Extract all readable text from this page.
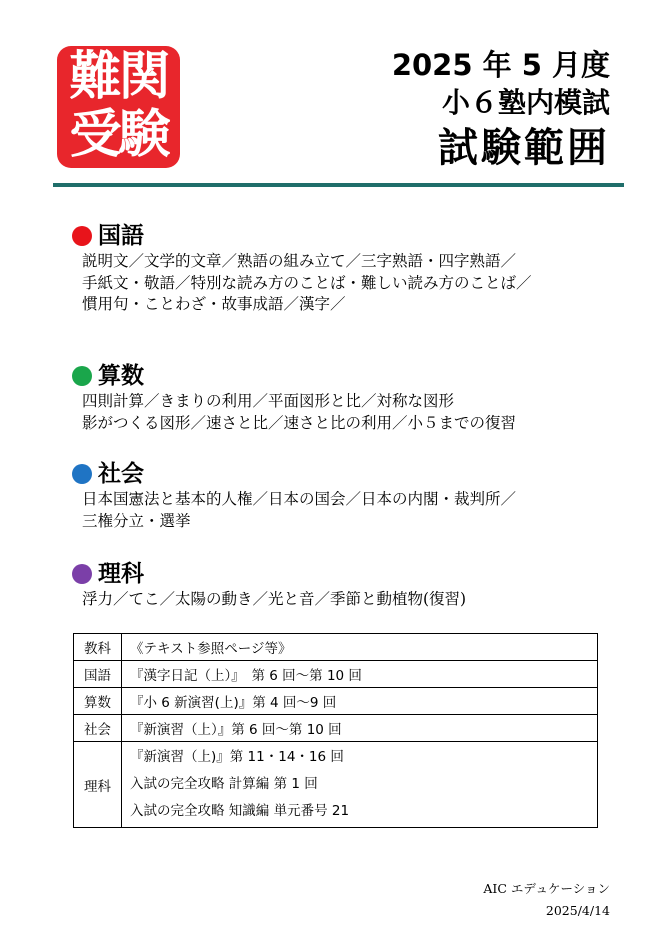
難関
受験
2025 年 5 月度
小６塾内模試
試験範囲
国語
説明文／文学的文章／熟語の組み立て／三字熟語・四字熟語／
手紙文・敬語／特別な読み方のことば・難しい読み方のことば／
慣用句・ことわざ・故事成語／漢字／
算数
四則計算／きまりの利用／平面図形と比／対称な図形
影がつくる図形／速さと比／速さと比の利用／小５までの復習
社会
日本国憲法と基本的人権／日本の国会／日本の内閣・裁判所／
三権分立・選挙
理科
浮力／てこ／太陽の動き／光と音／季節と動植物(復習)
教科	《テキスト参照ページ等》
国語	『漢字日記（上）』　第 6 回～第 10 回
算数	『小 6 新演習(上)』第 4 回～9 回
社会	『新演習（上）』第 6 回～第 10 回
理科	『新演習（上)』第 11・14・16 回
入試の完全攻略 計算編 第 1 回
入試の完全攻略 知識編 単元番号 21
AIC エデュケーション
2025/4/14
